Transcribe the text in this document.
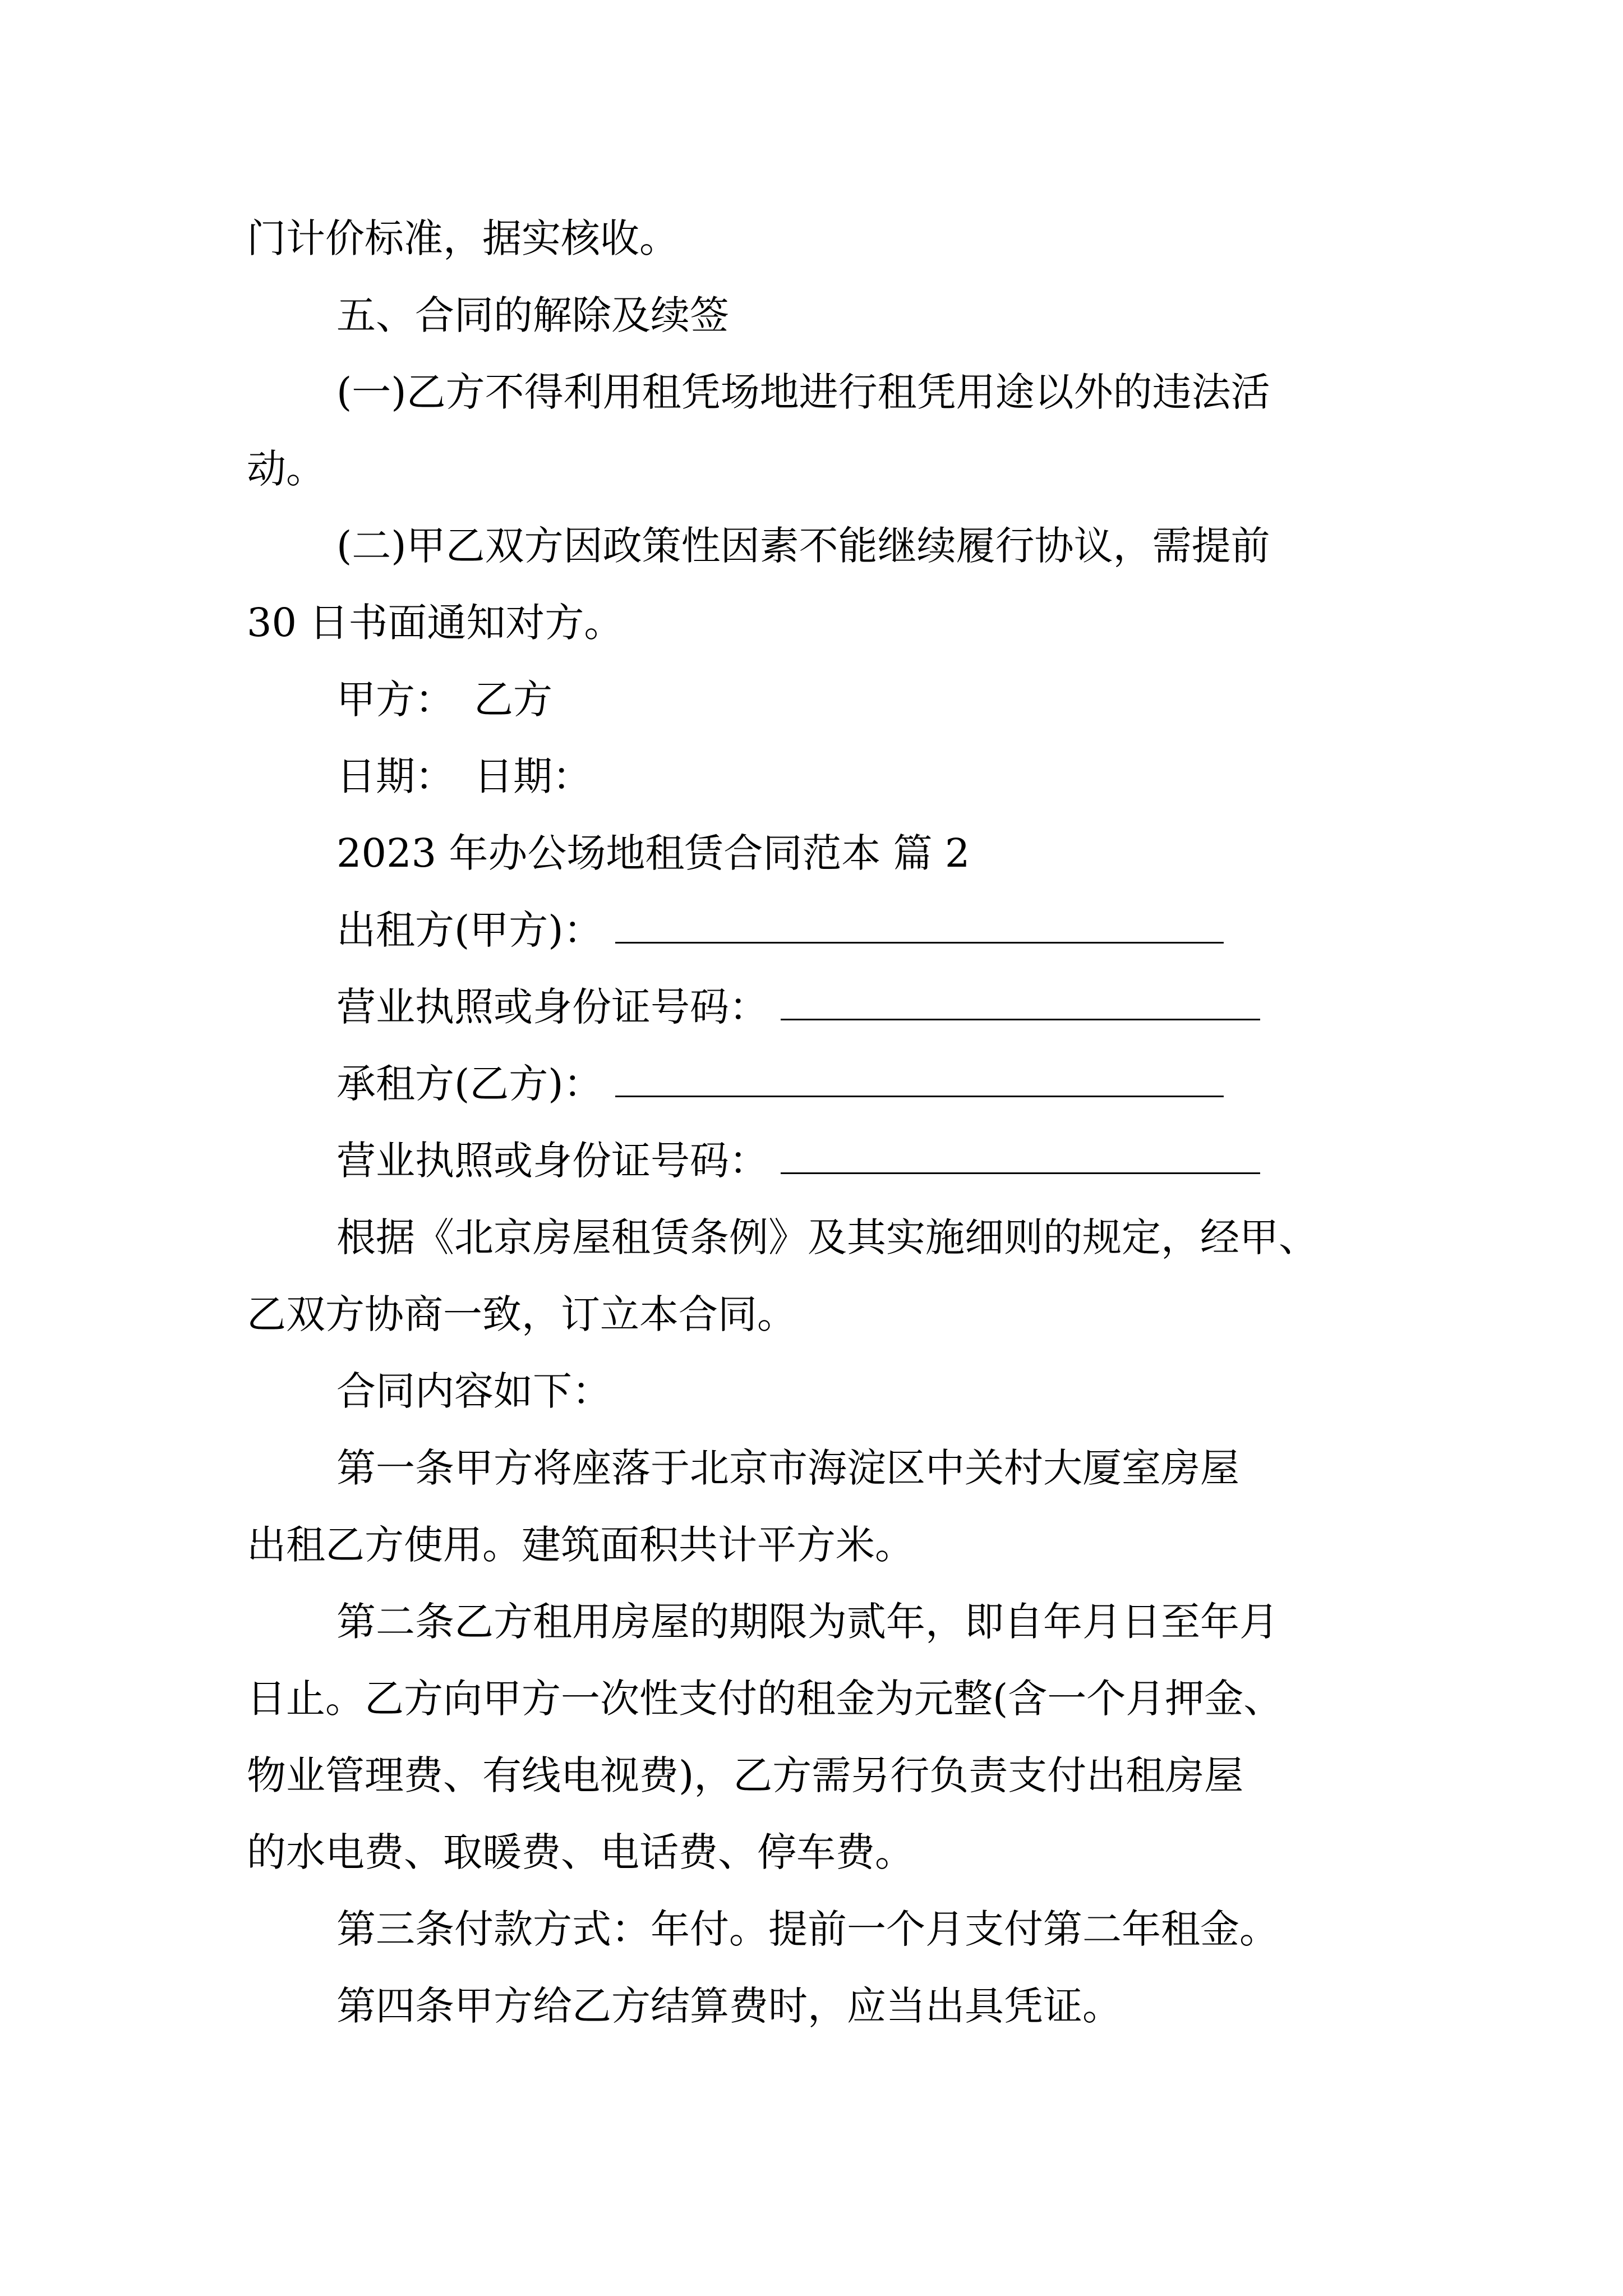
门计价标准，据实核收。
五、合同的解除及续签
(一)乙方不得利用租凭场地进行租凭用途以外的违法活
动。
(二)甲乙双方因政策性因素不能继续履行协议，需提前
30 日书面通知对方。
甲方：　乙方
日期：　日期：
2023 年办公场地租赁合同范本 篇 2
出租方(甲方)：
营业执照或身份证号码：
承租方(乙方)：
营业执照或身份证号码：
根据《北京房屋租赁条例》及其实施细则的规定，经甲、
乙双方协商一致，订立本合同。
合同内容如下：
第一条甲方将座落于北京市海淀区中关村大厦室房屋
出租乙方使用。建筑面积共计平方米。
第二条乙方租用房屋的期限为贰年，即自年月日至年月
日止。乙方向甲方一次性支付的租金为元整(含一个月押金、
物业管理费、有线电视费)，乙方需另行负责支付出租房屋
的水电费、取暖费、电话费、停车费。
第三条付款方式：年付。提前一个月支付第二年租金。
第四条甲方给乙方结算费时，应当出具凭证。
